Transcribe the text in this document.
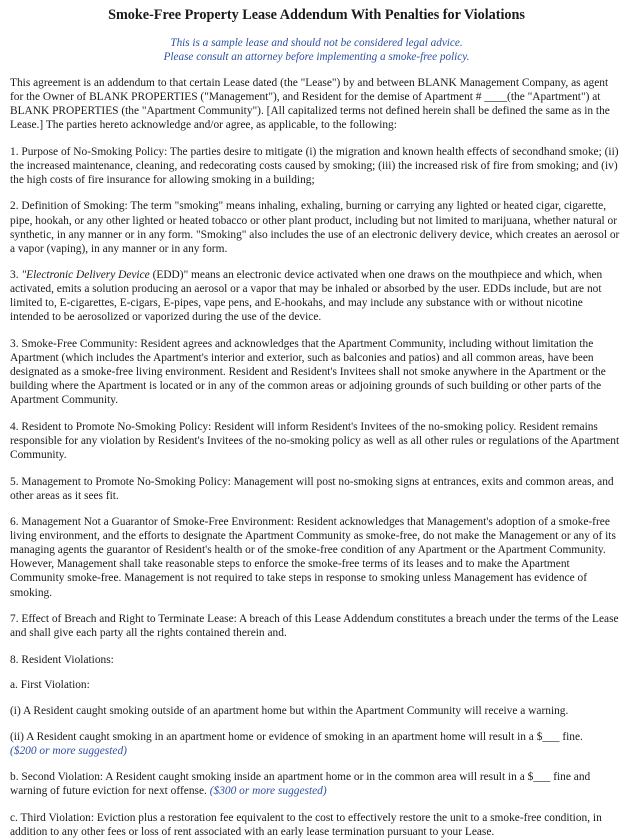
Smoke-Free Property Lease Addendum With Penalties for Violations
This is a sample lease and should not be considered legal advice.
Please consult an attorney before implementing a smoke-free policy.

This agreement is an addendum to that certain Lease dated (the "Lease") by and between BLANK Management Company, as agent for the Owner of BLANK PROPERTIES ("Management"), and Resident for the demise of Apartment # ____(the "Apartment") at BLANK PROPERTIES (the "Apartment Community"). [All capitalized terms not defined herein shall be defined the same as in the Lease.] The parties hereto acknowledge and/or agree, as applicable, to the following:

1. Purpose of No-Smoking Policy: The parties desire to mitigate (i) the migration and known health effects of secondhand smoke; (ii) the increased maintenance, cleaning, and redecorating costs caused by smoking; (iii) the increased risk of fire from smoking; and (iv) the high costs of fire insurance for allowing smoking in a building;

2. Definition of Smoking: The term "smoking" means inhaling, exhaling, burning or carrying any lighted or heated cigar, cigarette, pipe, hookah, or any other lighted or heated tobacco or other plant product, including but not limited to marijuana, whether natural or synthetic, in any manner or in any form. "Smoking" also includes the use of an electronic delivery device, which creates an aerosol or a vapor (vaping), in any manner or in any form.

3. "Electronic Delivery Device (EDD)" means an electronic device activated when one draws on the mouthpiece and which, when activated, emits a solution producing an aerosol or a vapor that may be inhaled or absorbed by the user. EDDs include, but are not limited to, E-cigarettes, E-cigars, E-pipes, vape pens, and E-hookahs, and may include any substance with or without nicotine intended to be aerosolized or vaporized during the use of the device.

3. Smoke-Free Community: Resident agrees and acknowledges that the Apartment Community, including without limitation the Apartment (which includes the Apartment's interior and exterior, such as balconies and patios) and all common areas, have been designated as a smoke-free living environment. Resident and Resident's Invitees shall not smoke anywhere in the Apartment or the building where the Apartment is located or in any of the common areas or adjoining grounds of such building or other parts of the Apartment Community.

4. Resident to Promote No-Smoking Policy: Resident will inform Resident's Invitees of the no-smoking policy. Resident remains responsible for any violation by Resident's Invitees of the no-smoking policy as well as all other rules or regulations of the Apartment Community.

5. Management to Promote No-Smoking Policy: Management will post no-smoking signs at entrances, exits and common areas, and other areas as it sees fit.

6. Management Not a Guarantor of Smoke-Free Environment: Resident acknowledges that Management's adoption of a smoke-free living environment, and the efforts to designate the Apartment Community as smoke-free, do not make the Management or any of its managing agents the guarantor of Resident's health or of the smoke-free condition of any Apartment or the Apartment Community. However, Management shall take reasonable steps to enforce the smoke-free terms of its leases and to make the Apartment Community smoke-free. Management is not required to take steps in response to smoking unless Management has evidence of smoking.

7. Effect of Breach and Right to Terminate Lease: A breach of this Lease Addendum constitutes a breach under the terms of the Lease and shall give each party all the rights contained therein and.

8. Resident Violations:

a. First Violation:

(i) A Resident caught smoking outside of an apartment home but within the Apartment Community will receive a warning.

(ii) A Resident caught smoking in an apartment home or evidence of smoking in an apartment home will result in a $___ fine.
($200 or more suggested)

b. Second Violation: A Resident caught smoking inside an apartment home or in the common area will result in a $___ fine and warning of future eviction for next offense. ($300 or more suggested)

c. Third Violation: Eviction plus a restoration fee equivalent to the cost to effectively restore the unit to a smoke-free condition, in addition to any other fees or loss of rent associated with an early lease termination pursuant to your Lease.
